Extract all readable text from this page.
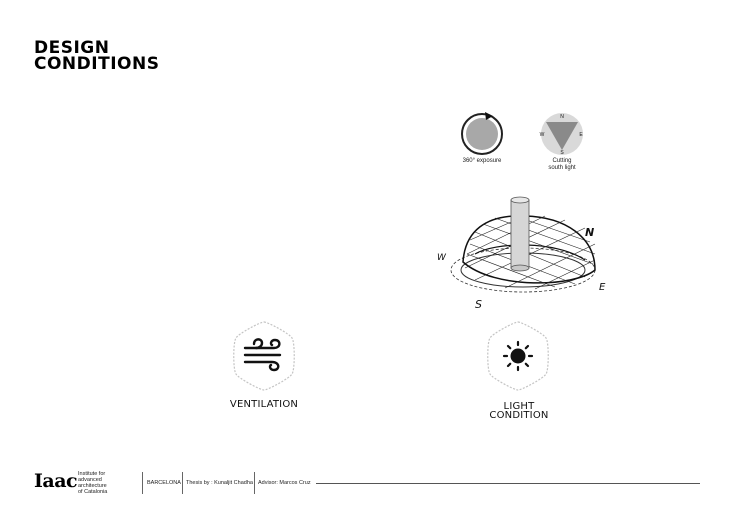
DESIGN
CONDITIONS
360° exposure
N
S
E
W
Cutting
south light
N
W
S
E
VENTILATION	LIGHT
CONDITION
Iaac Institute for
advanced
architecture
of Catalonia
BARCELONA Thesis by : Kunaljit Chadha Advisor: Marcos Cruz
